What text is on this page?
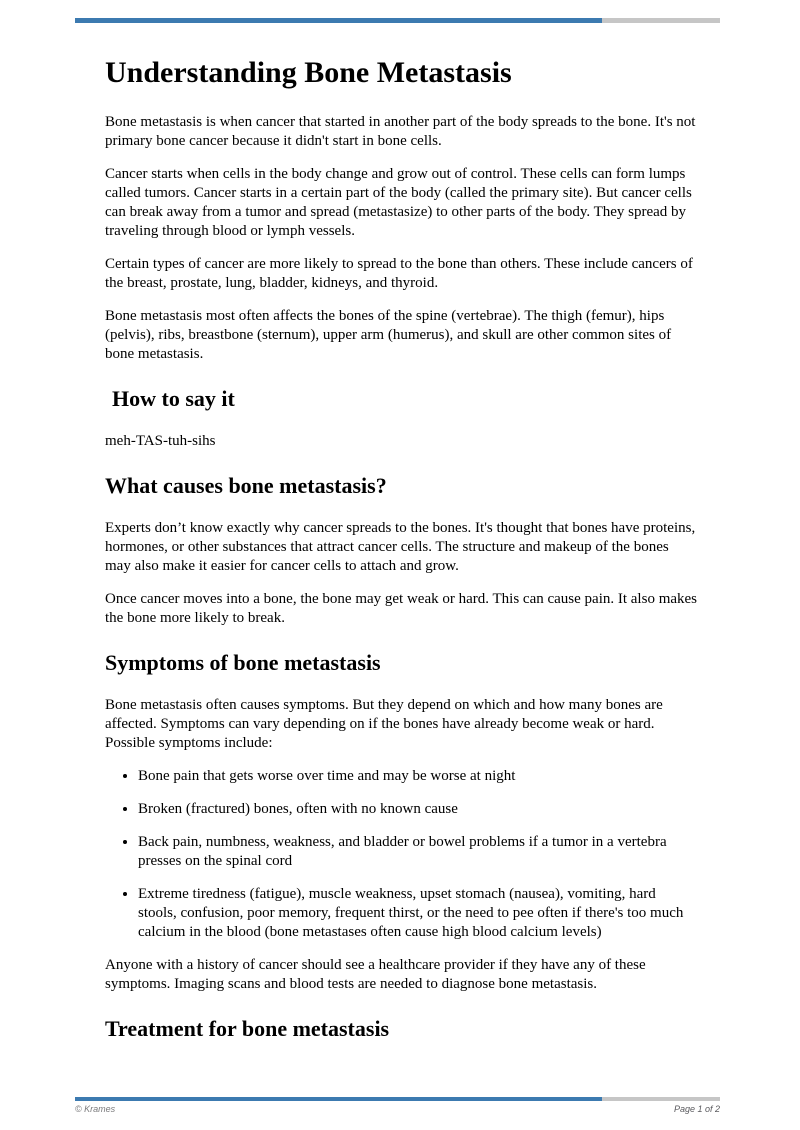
Understanding Bone Metastasis

Bone metastasis is when cancer that started in another part of the body spreads to the bone. It's not primary bone cancer because it didn't start in bone cells.

Cancer starts when cells in the body change and grow out of control. These cells can form lumps called tumors. Cancer starts in a certain part of the body (called the primary site). But cancer cells can break away from a tumor and spread (metastasize) to other parts of the body. They spread by traveling through blood or lymph vessels.

Certain types of cancer are more likely to spread to the bone than others. These include cancers of the breast, prostate, lung, bladder, kidneys, and thyroid.

Bone metastasis most often affects the bones of the spine (vertebrae). The thigh (femur), hips (pelvis), ribs, breastbone (sternum), upper arm (humerus), and skull are other common sites of bone metastasis.

How to say it

meh-TAS-tuh-sihs

What causes bone metastasis?

Experts don’t know exactly why cancer spreads to the bones. It's thought that bones have proteins, hormones, or other substances that attract cancer cells. The structure and makeup of the bones may also make it easier for cancer cells to attach and grow.

Once cancer moves into a bone, the bone may get weak or hard. This can cause pain. It also makes the bone more likely to break.

Symptoms of bone metastasis

Bone metastasis often causes symptoms. But they depend on which and how many bones are affected. Symptoms can vary depending on if the bones have already become weak or hard. Possible symptoms include:

• Bone pain that gets worse over time and may be worse at night
• Broken (fractured) bones, often with no known cause
• Back pain, numbness, weakness, and bladder or bowel problems if a tumor in a vertebra presses on the spinal cord
• Extreme tiredness (fatigue), muscle weakness, upset stomach (nausea), vomiting, hard stools, confusion, poor memory, frequent thirst, or the need to pee often if there's too much calcium in the blood (bone metastases often cause high blood calcium levels)

Anyone with a history of cancer should see a healthcare provider if they have any of these symptoms. Imaging scans and blood tests are needed to diagnose bone metastasis.

Treatment for bone metastasis
© Krames	Page 1 of 2
